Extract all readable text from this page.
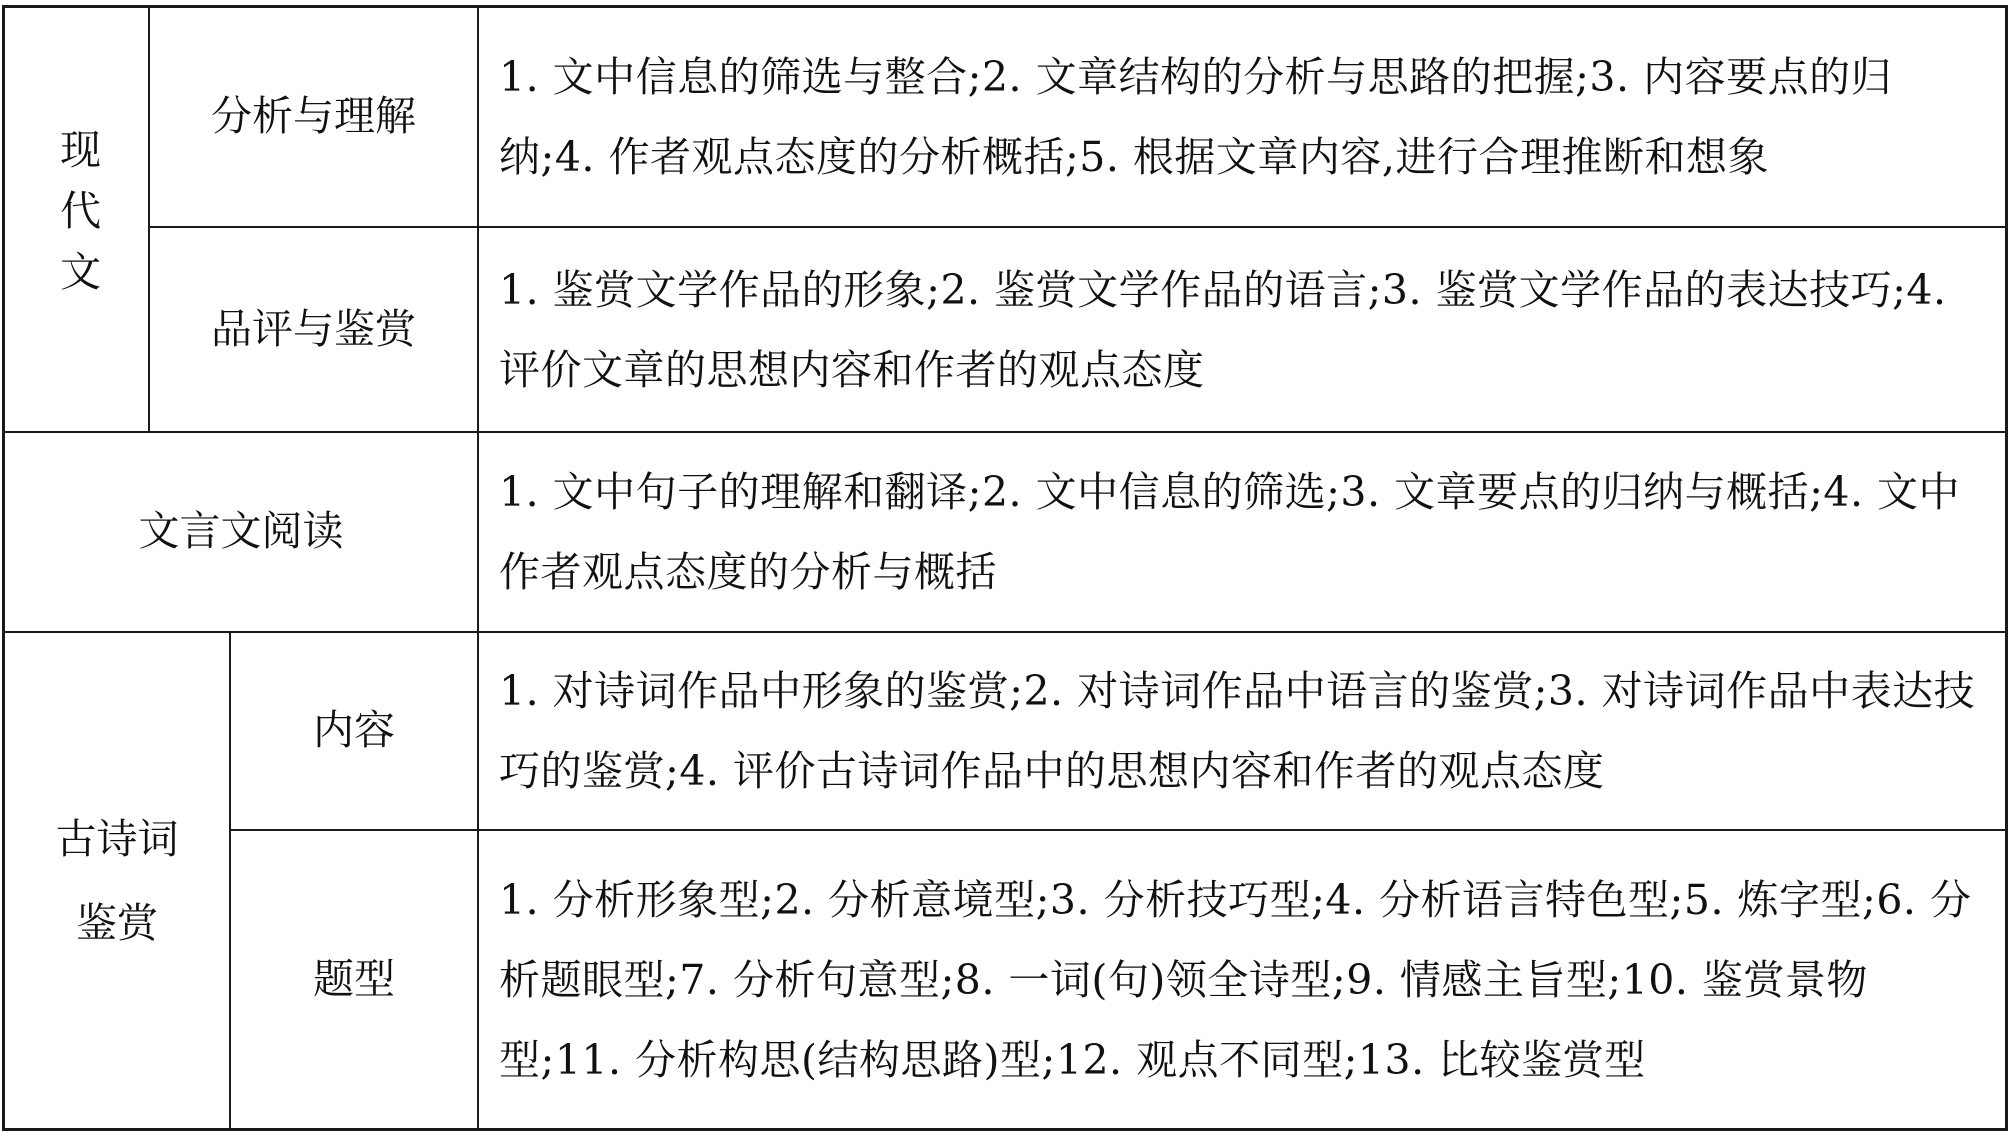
现代文
分析与理解
1. 文中信息的筛选与整合;2. 文章结构的分析与思路的把握;3. 内容要点的归纳;4. 作者观点态度的分析概括;5. 根据文章内容,进行合理推断和想象
品评与鉴赏
1. 鉴赏文学作品的形象;2. 鉴赏文学作品的语言;3. 鉴赏文学作品的表达技巧;4. 评价文章的思想内容和作者的观点态度
文言文阅读
1. 文中句子的理解和翻译;2. 文中信息的筛选;3. 文章要点的归纳与概括;4. 文中作者观点态度的分析与概括
古诗词
鉴赏
内容
1. 对诗词作品中形象的鉴赏;2. 对诗词作品中语言的鉴赏;3. 对诗词作品中表达技巧的鉴赏;4. 评价古诗词作品中的思想内容和作者的观点态度
题型
1. 分析形象型;2. 分析意境型;3. 分析技巧型;4. 分析语言特色型;5. 炼字型;6. 分析题眼型;7. 分析句意型;8. 一词(句)领全诗型;9. 情感主旨型;10. 鉴赏景物型;11. 分析构思(结构思路)型;12. 观点不同型;13. 比较鉴赏型
